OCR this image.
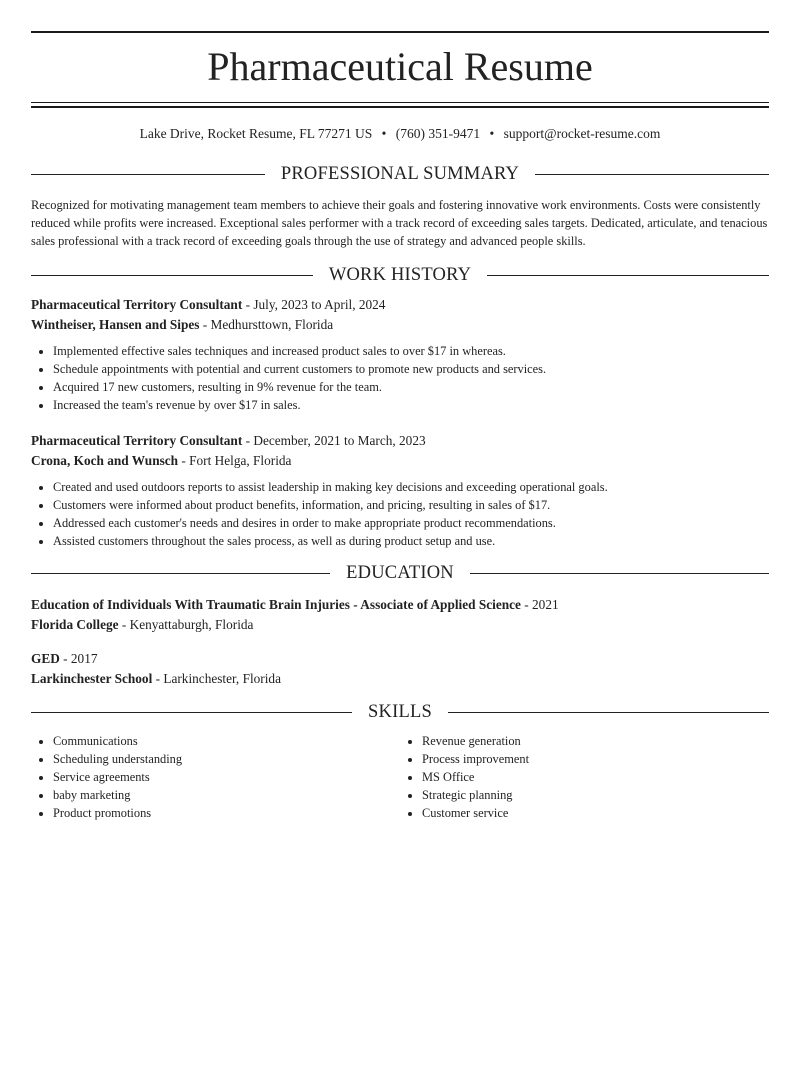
Pharmaceutical Resume
Lake Drive, Rocket Resume, FL 77271 US • (760) 351-9471 • support@rocket-resume.com
PROFESSIONAL SUMMARY

Recognized for motivating management team members to achieve their goals and fostering innovative work environments. Costs were consistently reduced while profits were increased. Exceptional sales performer with a track record of exceeding sales targets. Dedicated, articulate, and tenacious sales professional with a track record of exceeding goals through the use of strategy and advanced people skills.

WORK HISTORY
Pharmaceutical Territory Consultant - July, 2023 to April, 2024
Wintheiser, Hansen and Sipes - Medhursttown, Florida
• Implemented effective sales techniques and increased product sales to over $17 in whereas.
• Schedule appointments with potential and current customers to promote new products and services.
• Acquired 17 new customers, resulting in 9% revenue for the team.
• Increased the team's revenue by over $17 in sales.
Pharmaceutical Territory Consultant - December, 2021 to March, 2023
Crona, Koch and Wunsch - Fort Helga, Florida
• Created and used outdoors reports to assist leadership in making key decisions and exceeding operational goals.
• Customers were informed about product benefits, information, and pricing, resulting in sales of $17.
• Addressed each customer's needs and desires in order to make appropriate product recommendations.
• Assisted customers throughout the sales process, as well as during product setup and use.
EDUCATION
Education of Individuals With Traumatic Brain Injuries - Associate of Applied Science - 2021
Florida College - Kenyattaburgh, Florida
GED - 2017
Larkinchester School - Larkinchester, Florida
SKILLS
• Communications
• Scheduling understanding
• Service agreements
• baby marketing
• Product promotions
• Revenue generation
• Process improvement
• MS Office
• Strategic planning
• Customer service
